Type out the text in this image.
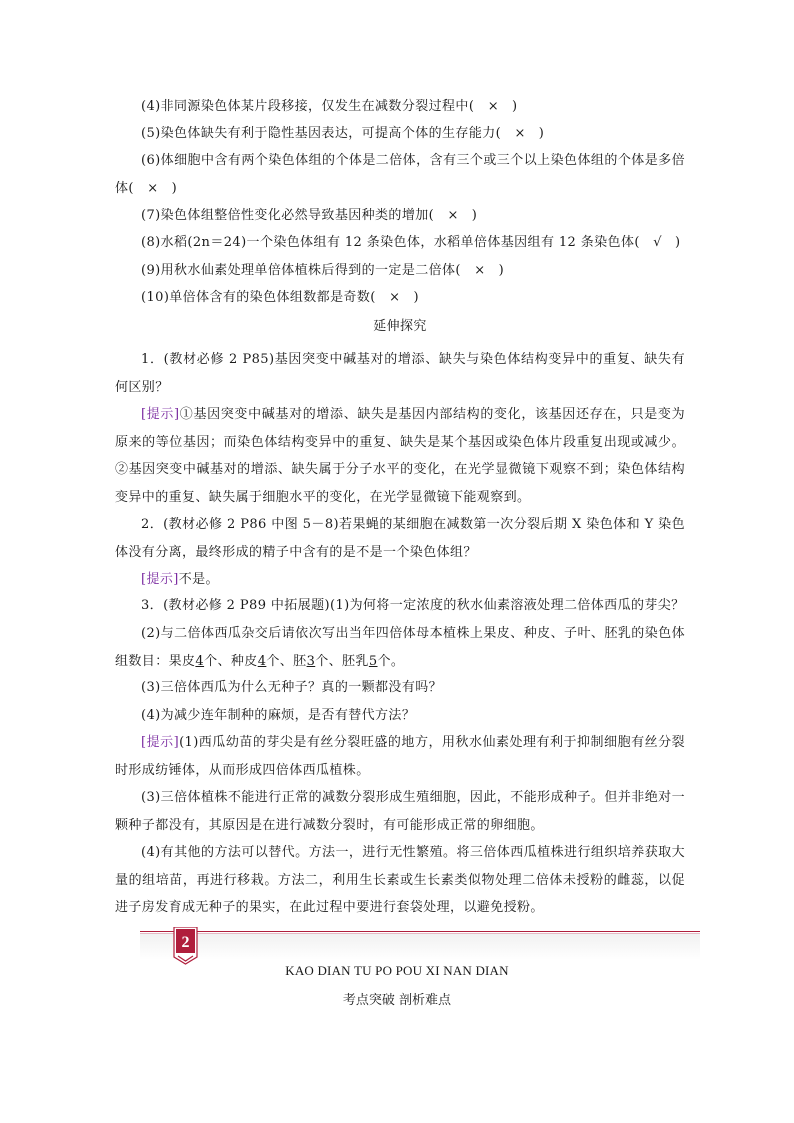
(4)非同源染色体某片段移接，仅发生在减数分裂过程中(　 ×　)

(5)染色体缺失有利于隐性基因表达，可提高个体的生存能力(　 ×　)

(6)体细胞中含有两个染色体组的个体是二倍体，含有三个或三个以上染色体组的个体是多倍体(　 ×　)

(7)染色体组整倍性变化必然导致基因种类的增加(　 ×　)

(8)水稻(2n＝24)一个染色体组有 12 条染色体，水稻单倍体基因组有 12 条染色体(　 √　)

(9)用秋水仙素处理单倍体植株后得到的一定是二倍体(　 ×　)

(10)单倍体含有的染色体组数都是奇数(　 ×　)

延伸探究

1．(教材必修 2 P85)基因突变中碱基对的增添、缺失与染色体结构变异中的重复、缺失有何区别？

[提示]①基因突变中碱基对的增添、缺失是基因内部结构的变化，该基因还存在，只是变为原来的等位基因；而染色体结构变异中的重复、缺失是某个基因或染色体片段重复出现或减少。②基因突变中碱基对的增添、缺失属于分子水平的变化，在光学显微镜下观察不到；染色体结构变异中的重复、缺失属于细胞水平的变化，在光学显微镜下能观察到。

2．(教材必修 2 P86 中图 5－8)若果蝇的某细胞在减数第一次分裂后期 X 染色体和 Y 染色体没有分离，最终形成的精子中含有的是不是一个染色体组？

[提示]不是。

3．(教材必修 2 P89 中拓展题)(1)为何将一定浓度的秋水仙素溶液处理二倍体西瓜的芽尖？

(2)与二倍体西瓜杂交后请依次写出当年四倍体母本植株上果皮、种皮、子叶、胚乳的染色体组数目：果皮4个、种皮4个、胚3个、胚乳5个。

(3)三倍体西瓜为什么无种子？真的一颗都没有吗？

(4)为减少连年制种的麻烦，是否有替代方法？

[提示](1)西瓜幼苗的芽尖是有丝分裂旺盛的地方，用秋水仙素处理有利于抑制细胞有丝分裂时形成纺锤体，从而形成四倍体西瓜植株。

(3)三倍体植株不能进行正常的减数分裂形成生殖细胞，因此，不能形成种子。但并非绝对一颗种子都没有，其原因是在进行减数分裂时，有可能形成正常的卵细胞。

(4)有其他的方法可以替代。方法一，进行无性繁殖。将三倍体西瓜植株进行组织培养获取大量的组培苗，再进行移栽。方法二，利用生长素或生长素类似物处理二倍体未授粉的雌蕊，以促进子房发育成无种子的果实，在此过程中要进行套袋处理，以避免授粉。

2
KAO DIAN TU PO POU XI NAN DIAN
考点突破 剖析难点
